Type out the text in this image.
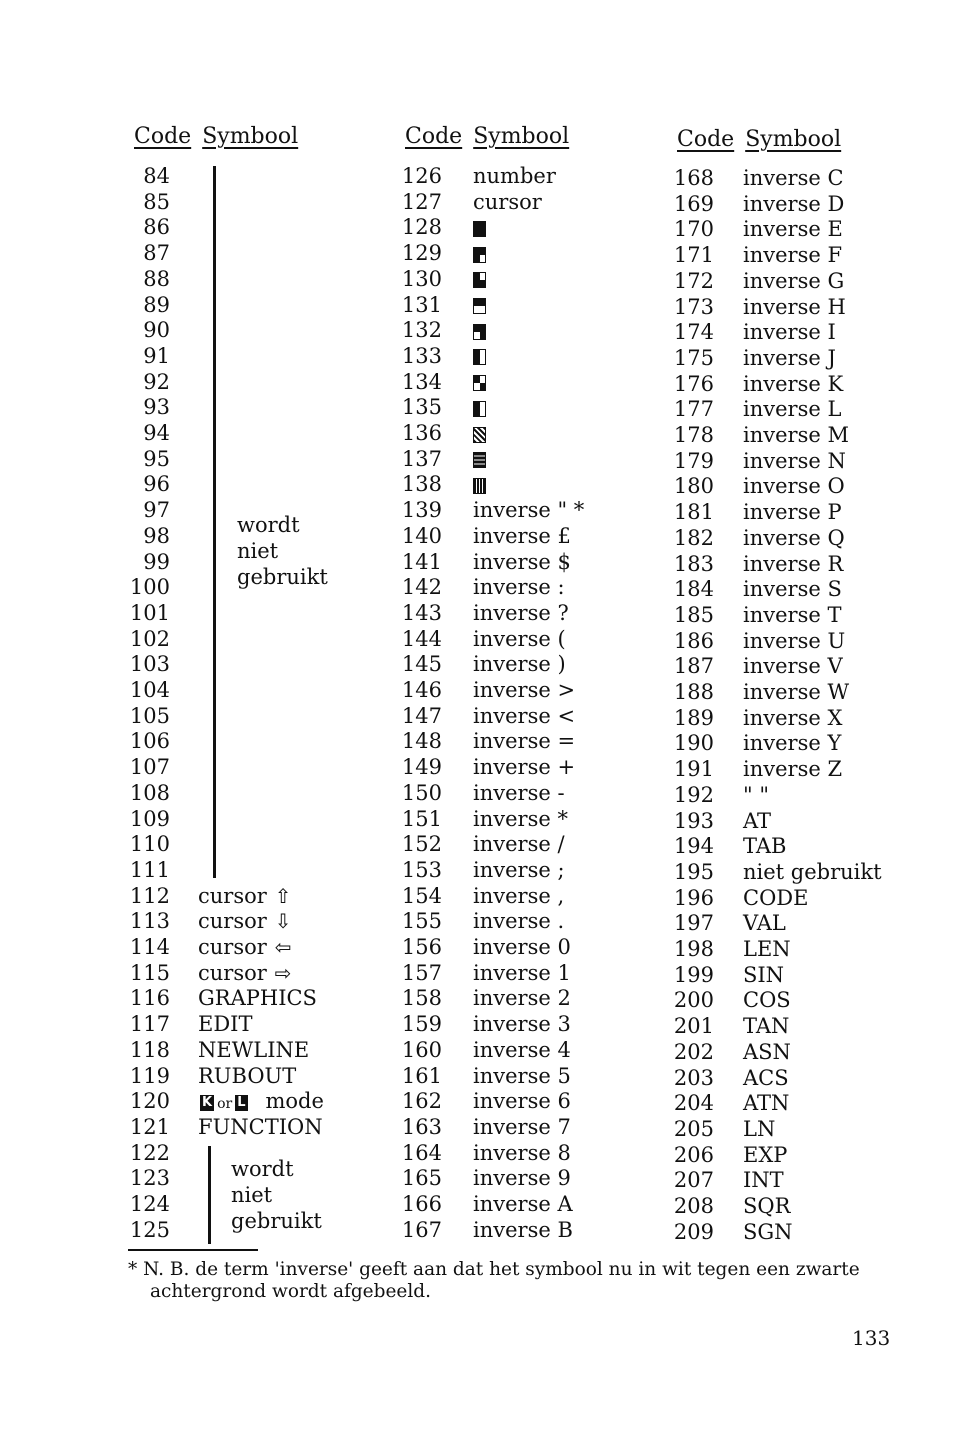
Code Symbool	Code Symbool	Code Symbool
84
85
86
87
88
89
90
91
92
93
94
95
96
97
98
99
100
101
102
103
104
105
106
107
108
109
110
111
112 cursor ⇧
113 cursor ⇩
114 cursor ⇦
115 cursor ⇨
116 GRAPHICS
117 EDIT
118 NEWLINE
119 RUBOUT
120 K or L mode
121 FUNCTION
122
123
124
125
wordt
niet
gebruikt
wordt
niet
gebruikt
126 number
127 cursor
128
129
130
131
132
133
134
135
136
137
138
139 inverse " *
140 inverse £
141 inverse $
142 inverse :
143 inverse ?
144 inverse (
145 inverse )
146 inverse >
147 inverse <
148 inverse =
149 inverse +
150 inverse -
151 inverse *
152 inverse /
153 inverse ;
154 inverse ,
155 inverse .
156 inverse 0
157 inverse 1
158 inverse 2
159 inverse 3
160 inverse 4
161 inverse 5
162 inverse 6
163 inverse 7
164 inverse 8
165 inverse 9
166 inverse A
167 inverse B
168 inverse C
169 inverse D
170 inverse E
171 inverse F
172 inverse G
173 inverse H
174 inverse I
175 inverse J
176 inverse K
177 inverse L
178 inverse M
179 inverse N
180 inverse O
181 inverse P
182 inverse Q
183 inverse R
184 inverse S
185 inverse T
186 inverse U
187 inverse V
188 inverse W
189 inverse X
190 inverse Y
191 inverse Z
192 " "
193 AT
194 TAB
195 niet gebruikt
196 CODE
197 VAL
198 LEN
199 SIN
200 COS
201 TAN
202 ASN
203 ACS
204 ATN
205 LN
206 EXP
207 INT
208 SQR
209 SGN
* N. B. de term 'inverse' geeft aan dat het symbool nu in wit tegen een zwarte
achtergrond wordt afgebeeld.
133
